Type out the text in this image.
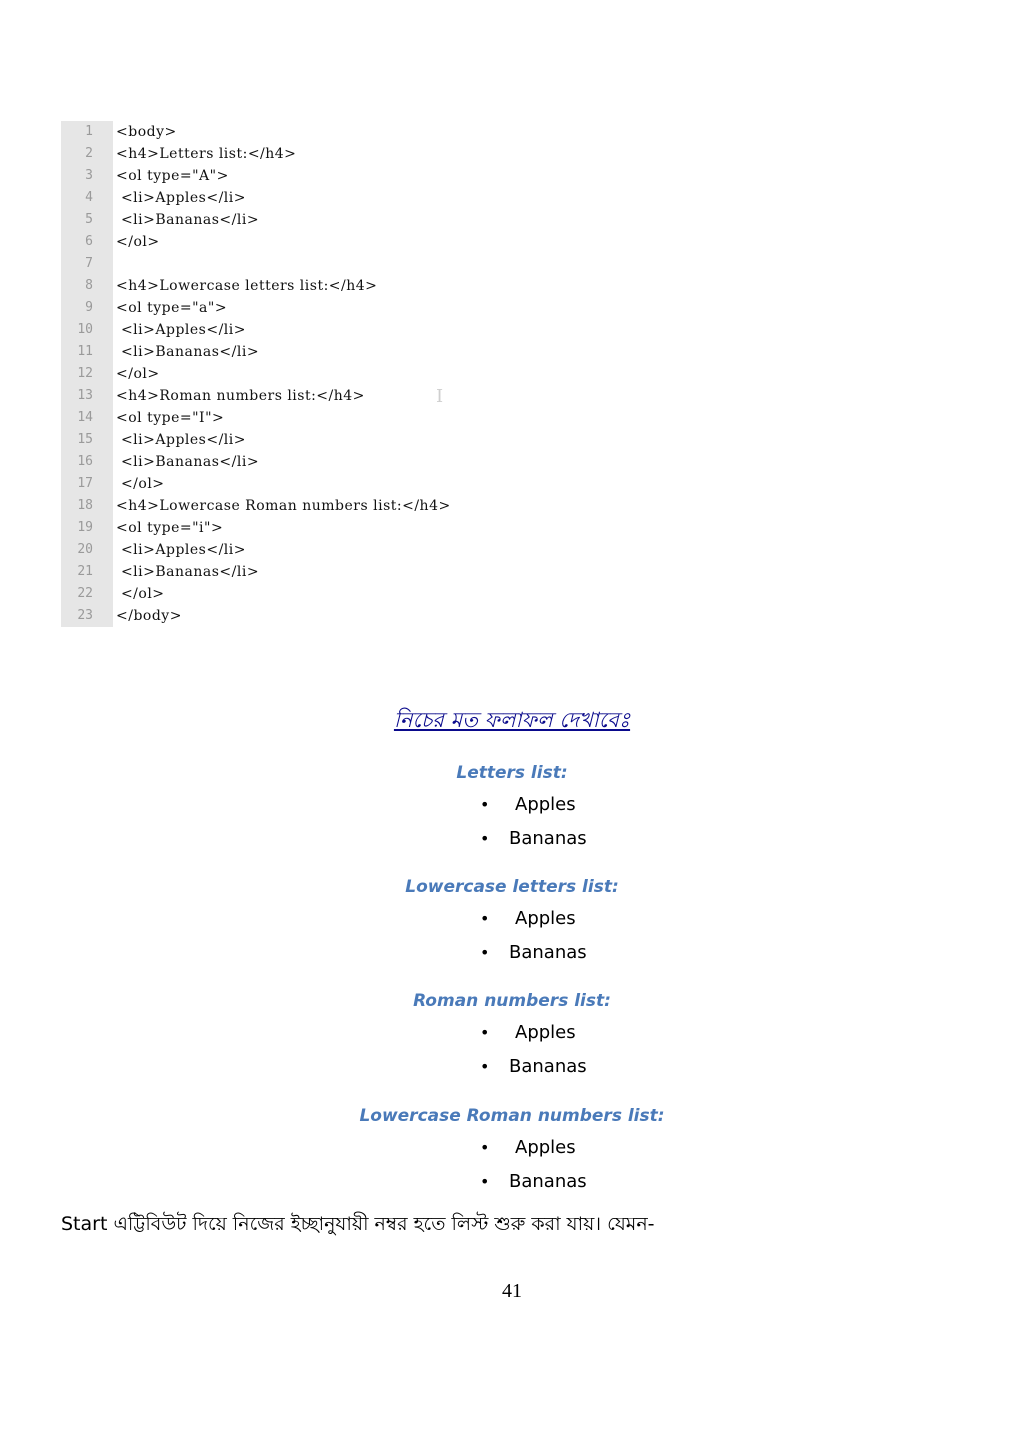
1	<body>
2	<h4>Letters list:</h4>
3	<ol type="A">
4	<li>Apples</li>
5	<li>Bananas</li>
6	</ol>
7
8	<h4>Lowercase letters list:</h4>
9	<ol type="a">
10	<li>Apples</li>
11	<li>Bananas</li>
12	</ol>
13	<h4>Roman numbers list:</h4>
14	<ol type="I">
15	<li>Apples</li>
16	<li>Bananas</li>
17	</ol>
18	<h4>Lowercase Roman numbers list:</h4>
19	<ol type="i">
20	<li>Apples</li>
21	<li>Bananas</li>
22	</ol>
23	</body>
I
নিচের মত ফলাফল দেখাবেঃ
Letters list:
• Apples
• Bananas
Lowercase letters list:
• Apples
• Bananas
Roman numbers list:
• Apples
• Bananas
Lowercase Roman numbers list:
• Apples
• Bananas
Start এট্টিবিউট দিয়ে নিজের ইচ্ছানুযায়ী নম্বর হতে লিস্ট শুরু করা যায়। যেমন-
41
